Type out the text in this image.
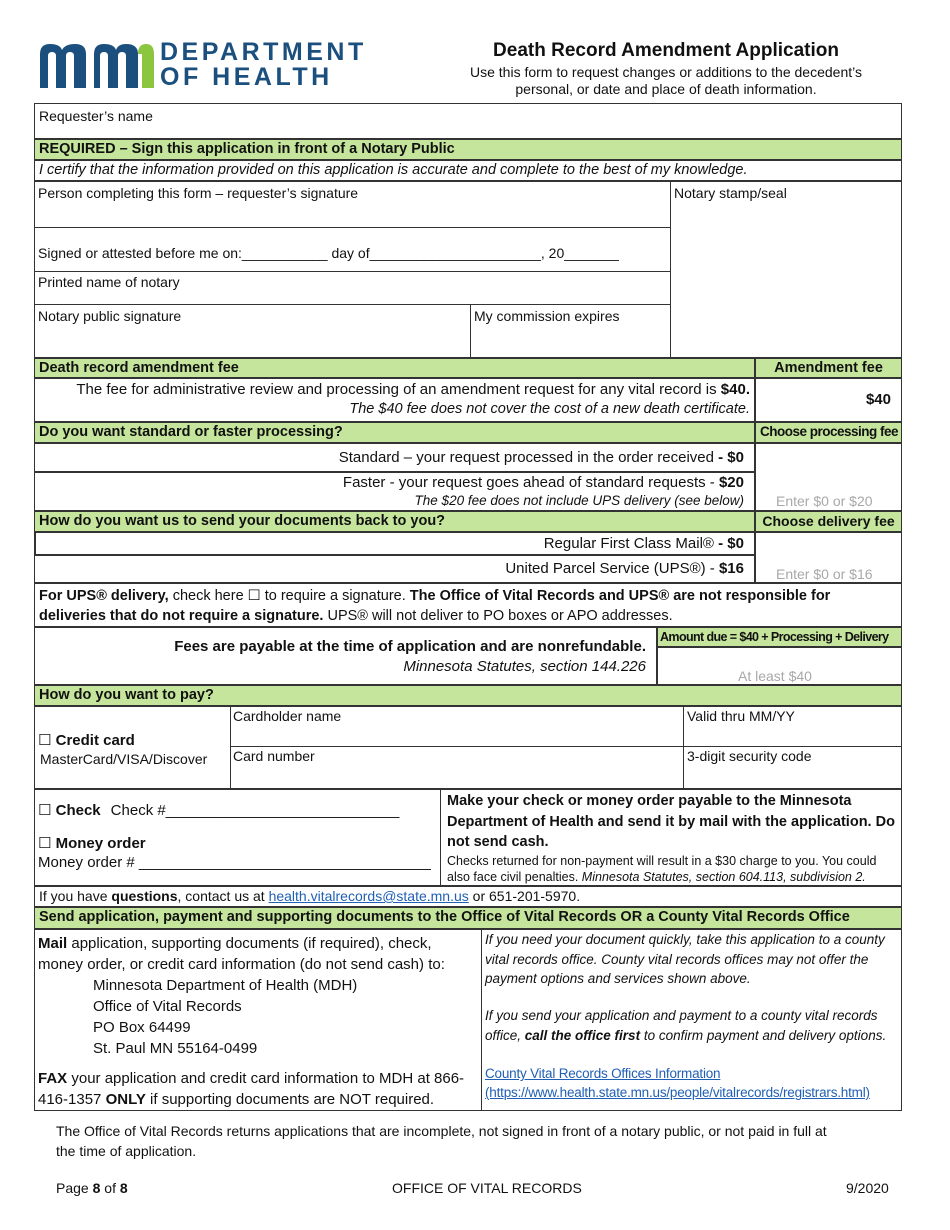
DEPARTMENT
OF HEALTH
Death Record Amendment Application
Use this form to request changes or additions to the decedent’s
personal, or date and place of death information.
Requester’s name
REQUIRED – Sign this application in front of a Notary Public
I certify that the information provided on this application is accurate and complete to the best of my knowledge.
Person completing this form – requester’s signature	Notary stamp/seal
Signed or attested before me on:___________ day of______________________, 20_______
Printed name of notary
Notary public signature	My commission expires
Death record amendment fee	Amendment fee
The fee for administrative review and processing of an amendment request for any vital record is $40.
The $40 fee does not cover the cost of a new death certificate.
$40
Do you want standard or faster processing?	Choose processing fee
Standard – your request processed in the order received - $0
Faster - your request goes ahead of standard requests - $20
The $20 fee does not include UPS delivery (see below) Enter $0 or $20
How do you want us to send your documents back to you?	Choose delivery fee
Regular First Class Mail® - $0
United Parcel Service (UPS®) - $16 Enter $0 or $16
For UPS® delivery, check here ☐ to require a signature. The Office of Vital Records and UPS® are not responsible for deliveries that do not require a signature. UPS® will not deliver to PO boxes or APO addresses.
Fees are payable at the time of application and are nonrefundable.
Minnesota Statutes, section 144.226
Amount due = $40 + Processing + Delivery
At least $40
How do you want to pay?
☐ Credit card
MasterCard/VISA/Discover
Cardholder name	Valid thru MM/YY
Card number	3-digit security code
☐ Check Check #____________________________
☐ Money order
Money order # ___________________________________
Make your check or money order payable to the Minnesota Department of Health and send it by mail with the application. Do not send cash.
Checks returned for non-payment will result in a $30 charge to you. You could also face civil penalties. Minnesota Statutes, section 604.113, subdivision 2.
If you have questions, contact us at health.vitalrecords@state.mn.us or 651-201-5970.
Send application, payment and supporting documents to the Office of Vital Records OR a County Vital Records Office
Mail application, supporting documents (if required), check, money order, or credit card information (do not send cash) to:
Minnesota Department of Health (MDH)
Office of Vital Records
PO Box 64499
St. Paul MN 55164-0499
FAX your application and credit card information to MDH at 866-416-1357 ONLY if supporting documents are NOT required.
If you need your document quickly, take this application to a county vital records office. County vital records offices may not offer the payment options and services shown above.
If you send your application and payment to a county vital records office, call the office first to confirm payment and delivery options.
County Vital Records Offices Information
(https://www.health.state.mn.us/people/vitalrecords/registrars.html)
The Office of Vital Records returns applications that are incomplete, not signed in front of a notary public, or not paid in full at the time of application.
Page 8 of 8	OFFICE OF VITAL RECORDS	9/2020
